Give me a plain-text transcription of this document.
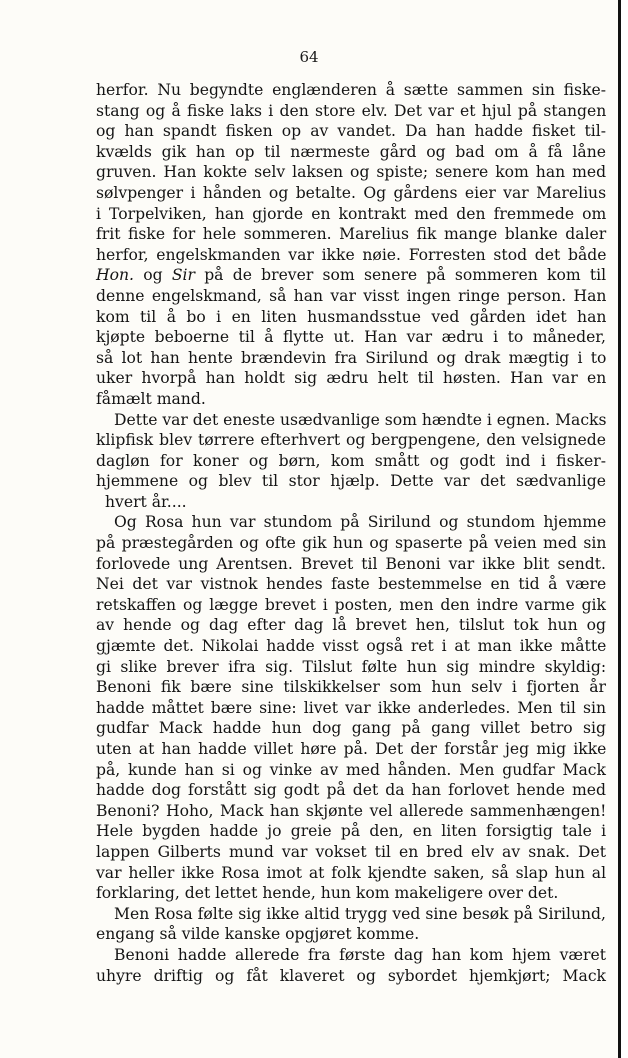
64
herfor. Nu begyndte englænderen å sætte sammen sin fiske-
stang og å fiske laks i den store elv. Det var et hjul på stangen
og han spandt fisken op av vandet. Da han hadde fisket til-
kvælds gik han op til nærmeste gård og bad om å få låne
gruven. Han kokte selv laksen og spiste; senere kom han med
sølvpenger i hånden og betalte. Og gårdens eier var Marelius
i Torpelviken, han gjorde en kontrakt med den fremmede om
frit fiske for hele sommeren. Marelius fik mange blanke daler
herfor, engelskmanden var ikke nøie. Forresten stod det både
Hon. og Sir på de brever som senere på sommeren kom til
denne engelskmand, så han var visst ingen ringe person. Han
kom til å bo i en liten husmandsstue ved gården idet han
kjøpte beboerne til å flytte ut. Han var ædru i to måneder,
så lot han hente brændevin fra Sirilund og drak mægtig i to
uker hvorpå han holdt sig ædru helt til høsten. Han var en
fåmælt mand.
Dette var det eneste usædvanlige som hændte i egnen. Macks
klipfisk blev tørrere efterhvert og bergpengene, den velsignede
dagløn for koner og børn, kom smått og godt ind i fisker-
hjemmene og blev til stor hjælp. Dette var det sædvanlige
hvert år....
Og Rosa hun var stundom på Sirilund og stundom hjemme
på præstegården og ofte gik hun og spaserte på veien med sin
forlovede ung Arentsen. Brevet til Benoni var ikke blit sendt.
Nei det var vistnok hendes faste bestemmelse en tid å være
retskaffen og lægge brevet i posten, men den indre varme gik
av hende og dag efter dag lå brevet hen, tilslut tok hun og
gjæmte det. Nikolai hadde visst også ret i at man ikke måtte
gi slike brever ifra sig. Tilslut følte hun sig mindre skyldig:
Benoni fik bære sine tilskikkelser som hun selv i fjorten år
hadde måttet bære sine: livet var ikke anderledes. Men til sin
gudfar Mack hadde hun dog gang på gang villet betro sig
uten at han hadde villet høre på. Det der forstår jeg mig ikke
på, kunde han si og vinke av med hånden. Men gudfar Mack
hadde dog forstått sig godt på det da han forlovet hende med
Benoni? Hoho, Mack han skjønte vel allerede sammenhængen!
Hele bygden hadde jo greie på den, en liten forsigtig tale i
lappen Gilberts mund var vokset til en bred elv av snak. Det
var heller ikke Rosa imot at folk kjendte saken, så slap hun al
forklaring, det lettet hende, hun kom makeligere over det.
Men Rosa følte sig ikke altid trygg ved sine besøk på Sirilund,
engang så vilde kanske opgjøret komme.
Benoni hadde allerede fra første dag han kom hjem været
uhyre driftig og fåt klaveret og sybordet hjemkjørt; Mack
